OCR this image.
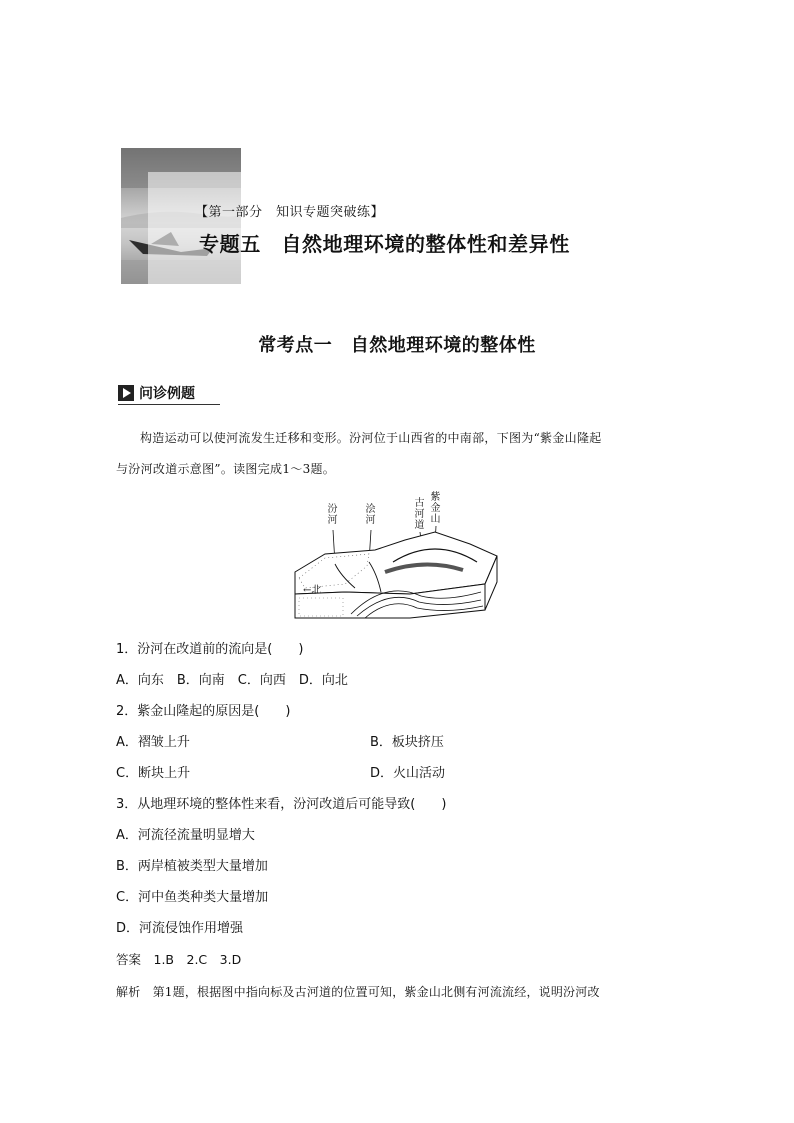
【第一部分　知识专题突破练】
专题五　自然地理环境的整体性和差异性
常考点一　自然地理环境的整体性
问诊例题
构造运动可以使河流发生迁移和变形。汾河位于山西省的中南部，下图为“紫金山隆起
与汾河改道示意图”。读图完成1～3题。
汾河
浍河
古河道
紫金山
←北
1．汾河在改道前的流向是(　　)
A．向东　B．向南　C．向西　D．向北
2．紫金山隆起的原因是(　　)
A．褶皱上升	B．板块挤压
C．断块上升	D．火山活动
3．从地理环境的整体性来看，汾河改道后可能导致(　　)
A．河流径流量明显增大
B．两岸植被类型大量增加
C．河中鱼类种类大量增加
D．河流侵蚀作用增强
答案　1.B　2.C　3.D
解析　第1题，根据图中指向标及古河道的位置可知，紫金山北侧有河流流经，说明汾河改
